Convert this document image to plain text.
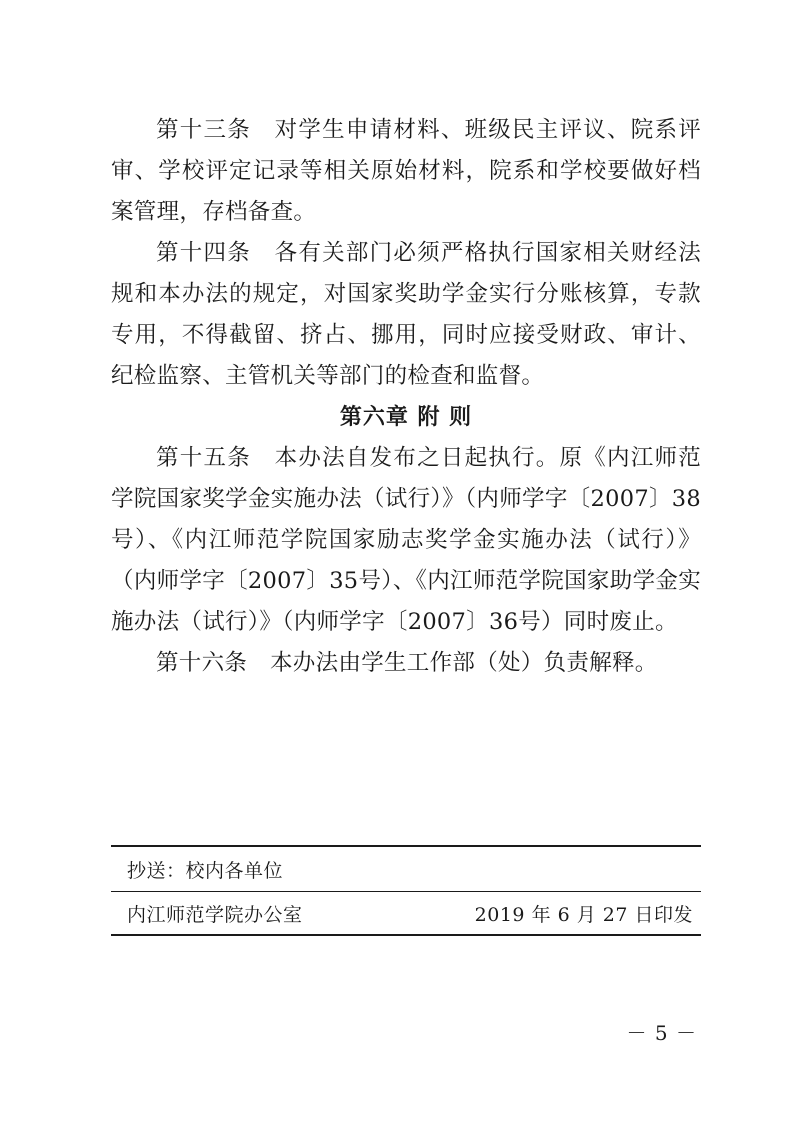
第十三条　对学生申请材料、班级民主评议、院系评审、学校评定记录等相关原始材料，院系和学校要做好档案管理，存档备查。

第十四条　各有关部门必须严格执行国家相关财经法规和本办法的规定，对国家奖助学金实行分账核算，专款专用，不得截留、挤占、挪用，同时应接受财政、审计、纪检监察、主管机关等部门的检查和监督。

第六章 附 则

第十五条　本办法自发布之日起执行。原《内江师范学院国家奖学金实施办法（试行）》（内师学字〔2007〕38号）、《内江师范学院国家励志奖学金实施办法（试行）》（内师学字〔2007〕35号）、《内江师范学院国家助学金实施办法（试行）》（内师学字〔2007〕36号）同时废止。

第十六条　本办法由学生工作部（处）负责解释。

抄送：校内各单位
内江师范学院办公室	2019 年 6 月 27 日印发
－ 5 －
